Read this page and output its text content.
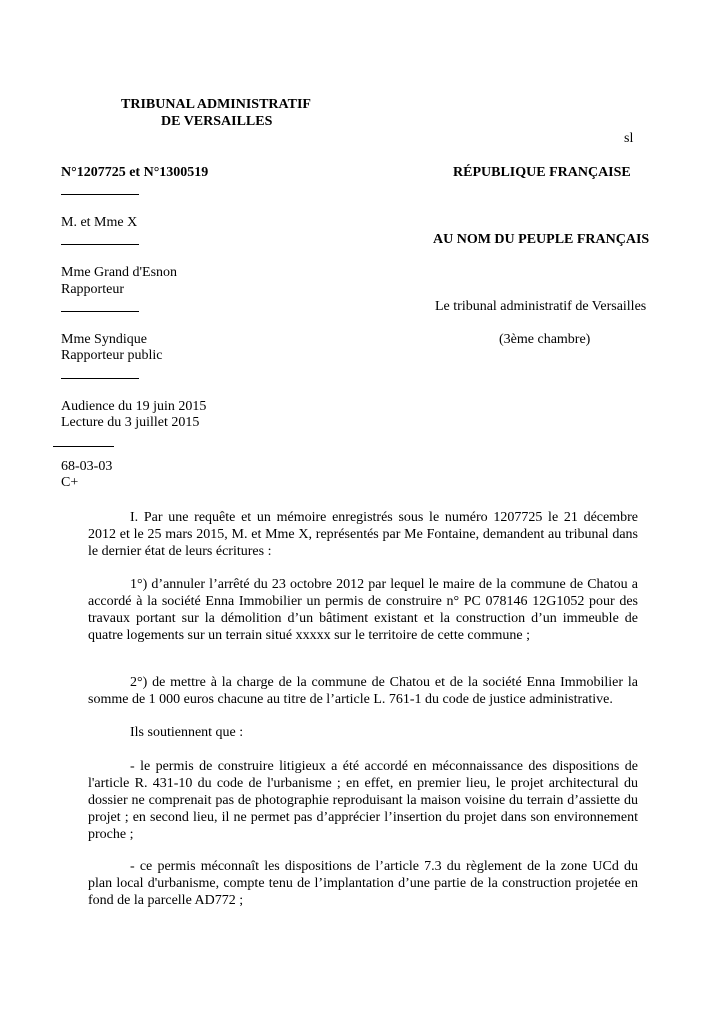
TRIBUNAL ADMINISTRATIF
DE VERSAILLES
sl
N°1207725 et N°1300519	RÉPUBLIQUE FRANÇAISE
M. et Mme X
AU NOM DU PEUPLE FRANÇAIS
Mme Grand d'Esnon
Rapporteur
Le tribunal administratif de Versailles
Mme Syndique	(3ème chambre)
Rapporteur public
Audience du 19 juin 2015
Lecture du 3 juillet 2015
68-03-03
C+
I. Par une requête et un mémoire enregistrés sous le numéro 1207725 le 21 décembre 2012 et le 25 mars 2015, M. et Mme X, représentés par Me Fontaine, demandent au tribunal dans le dernier état de leurs écritures :
1°) d’annuler l’arrêté du 23 octobre 2012 par lequel le maire de la commune de Chatou a accordé à la société Enna Immobilier un permis de construire n° PC 078146 12G1052 pour des travaux portant sur la démolition d’un bâtiment existant et la construction d’un immeuble de quatre logements sur un terrain situé xxxxx sur le territoire de cette commune ;
2°) de mettre à la charge de la commune de Chatou et de la société Enna Immobilier la somme de 1 000 euros chacune au titre de l’article L. 761-1 du code de justice administrative.
Ils soutiennent que :
- le permis de construire litigieux a été accordé en méconnaissance des dispositions de l'article R. 431-10 du code de l'urbanisme ; en effet, en premier lieu, le projet architectural du dossier ne comprenait pas de photographie reproduisant la maison voisine du terrain d’assiette du projet ; en second lieu, il ne permet pas d’apprécier l’insertion du projet dans son environnement proche ;
- ce permis méconnaît les dispositions de l’article 7.3 du règlement de la zone UCd du plan local d'urbanisme, compte tenu de l’implantation d’une partie de la construction projetée en fond de la parcelle AD772 ;
